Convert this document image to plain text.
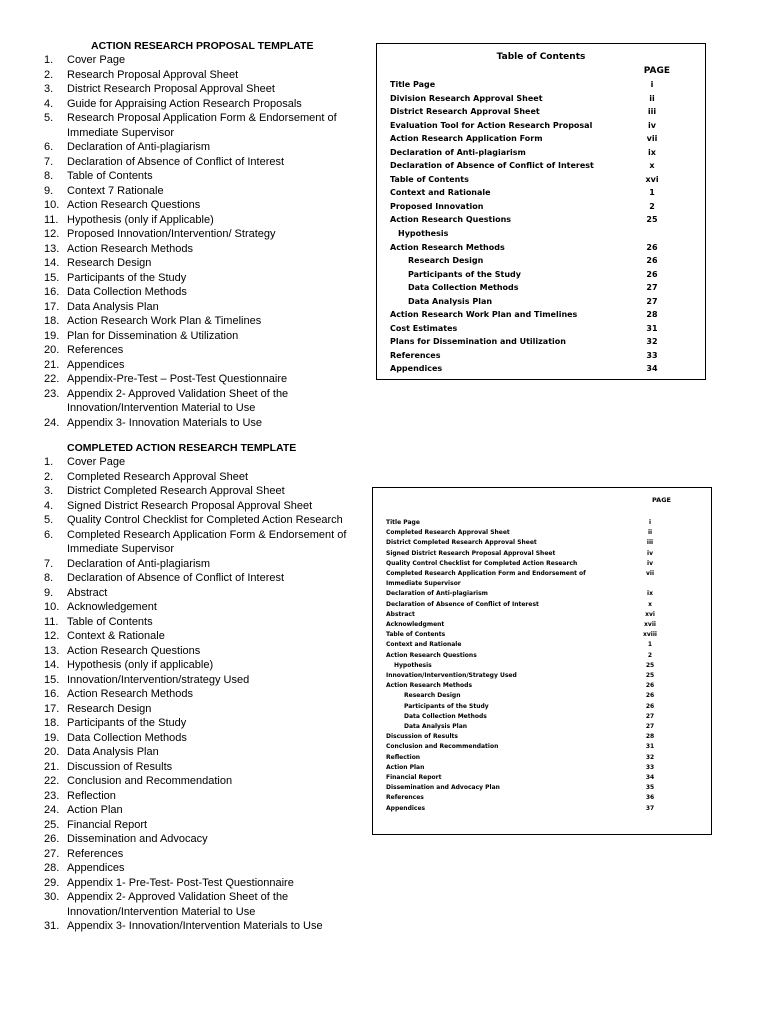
ACTION RESEARCH PROPOSAL TEMPLATE
1.	Cover Page
2.	Research Proposal Approval Sheet
3.	District Research Proposal Approval Sheet
4.	Guide for Appraising Action Research Proposals
5.	Research Proposal Application Form & Endorsement of Immediate Supervisor
6.	Declaration of Anti-plagiarism
7.	Declaration of Absence of Conflict of Interest
8.	Table of Contents
9.	Context 7 Rationale
10. Action Research Questions
11. Hypothesis (only if Applicable)
12. Proposed Innovation/Intervention/ Strategy
13. Action Research Methods
14. Research Design
15. Participants of the Study
16. Data Collection Methods
17. Data Analysis Plan
18. Action Research Work Plan & Timelines
19. Plan for Dissemination & Utilization
20. References
21. Appendices
22. Appendix-Pre-Test – Post-Test Questionnaire
23. Appendix 2- Approved Validation Sheet of the Innovation/Intervention Material to Use
24. Appendix 3- Innovation Materials to Use
COMPLETED ACTION RESEARCH TEMPLATE
1.	Cover Page
2.	Completed Research Approval Sheet
3.	District Completed Research Approval Sheet
4.	Signed District Research Proposal Approval Sheet
5.	Quality Control Checklist for Completed Action Research
6.	Completed Research Application Form & Endorsement of Immediate Supervisor
7.	Declaration of Anti-plagiarism
8.	Declaration of Absence of Conflict of Interest
9.	Abstract
10. Acknowledgement
11. Table of Contents
12. Context & Rationale
13. Action Research Questions
14. Hypothesis (only if applicable)
15. Innovation/Intervention/strategy Used
16. Action Research Methods
17. Research Design
18. Participants of the Study
19. Data Collection Methods
20. Data Analysis Plan
21. Discussion of Results
22. Conclusion and Recommendation
23. Reflection
24. Action Plan
25. Financial Report
26. Dissemination and Advocacy
27. References
28. Appendices
29. Appendix 1- Pre-Test- Post-Test Questionnaire
30. Appendix 2- Approved Validation Sheet of the Innovation/Intervention Material to Use
31. Appendix 3- Innovation/Intervention Materials to Use
Table of Contents
PAGE
Title Page	i
Division Research Approval Sheet	ii
District Research Approval Sheet	iii
Evaluation Tool for Action Research Proposal	iv
Action Research Application Form	vii
Declaration of Anti-plagiarism	ix
Declaration of Absence of Conflict of Interest	x
Table of Contents	xvi
Context and Rationale	1
Proposed Innovation	2
Action Research Questions	25
Hypothesis
Action Research Methods	26
Research Design	26
Participants of the Study	26
Data Collection Methods	27
Data Analysis Plan	27
Action Research Work Plan and Timelines	28
Cost Estimates	31
Plans for Dissemination and Utilization	32
References	33
Appendices	34
PAGE
Title Page	i
Completed Research Approval Sheet	ii
District Completed Research Approval Sheet	iii
Signed District Research Proposal Approval Sheet	iv
Quality Control Checklist for Completed Action Research	iv
Completed Research Application Form and Endorsement of	vii
Immediate Supervisor
Declaration of Anti-plagiarism	ix
Declaration of Absence of Conflict of Interest	x
Abstract	xvi
Acknowledgment	xvii
Table of Contents	xviii
Context and Rationale	1
Action Research Questions	2
Hypothesis	25
Innovation/Intervention/Strategy Used	25
Action Research Methods	26
Research Design	26
Participants of the Study	26
Data Collection Methods	27
Data Analysis Plan	27
Discussion of Results	28
Conclusion and Recommendation	31
Reflection	32
Action Plan	33
Financial Report	34
Dissemination and Advocacy Plan	35
References	36
Appendices	37
